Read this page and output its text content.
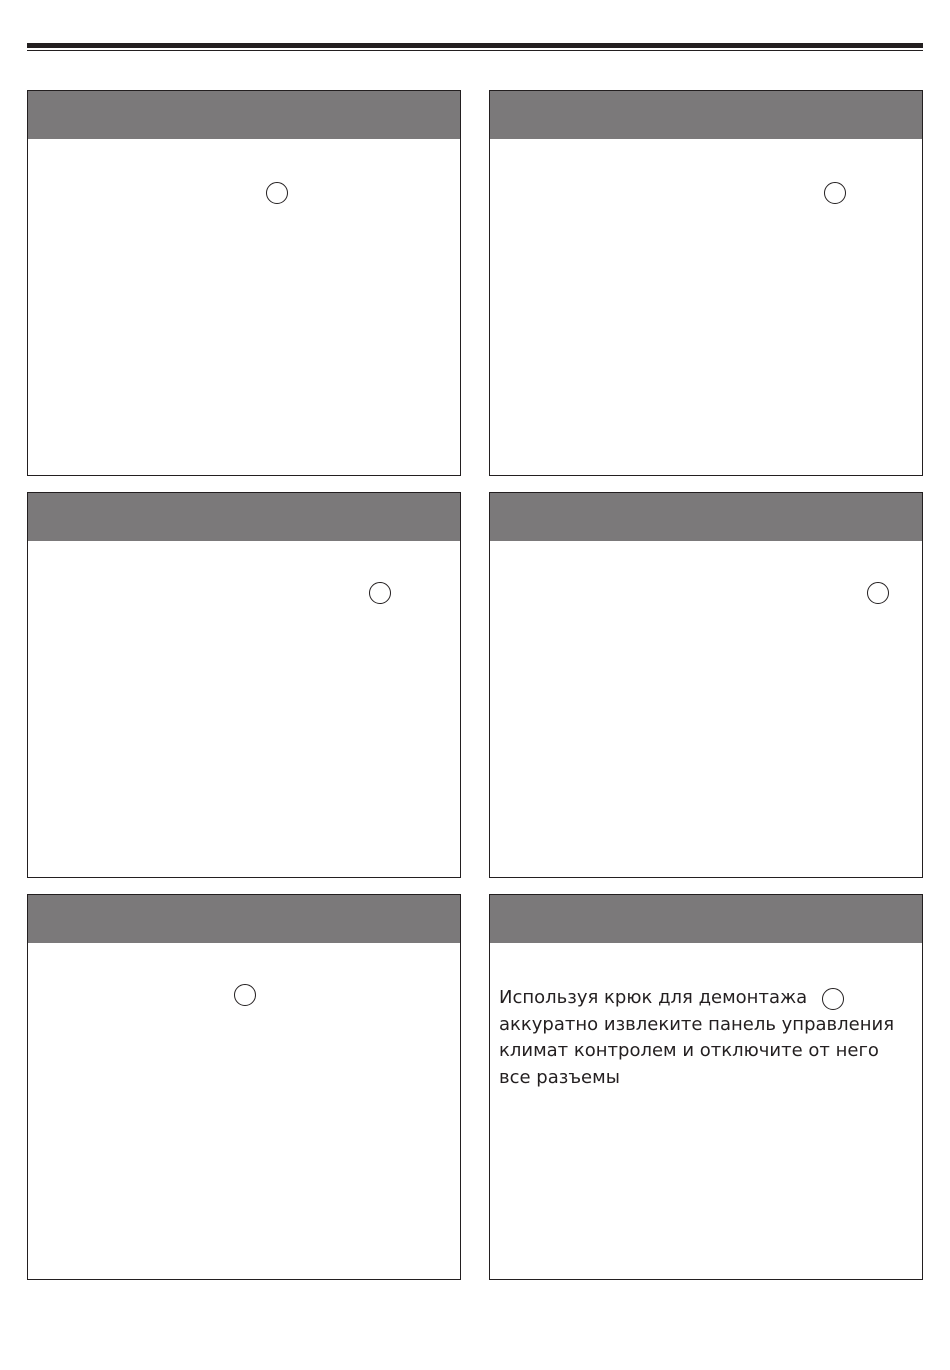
Используя крюк для демонтажа
аккуратно извлеките панель управления
климат контролем и отключите от него
все разъемы
